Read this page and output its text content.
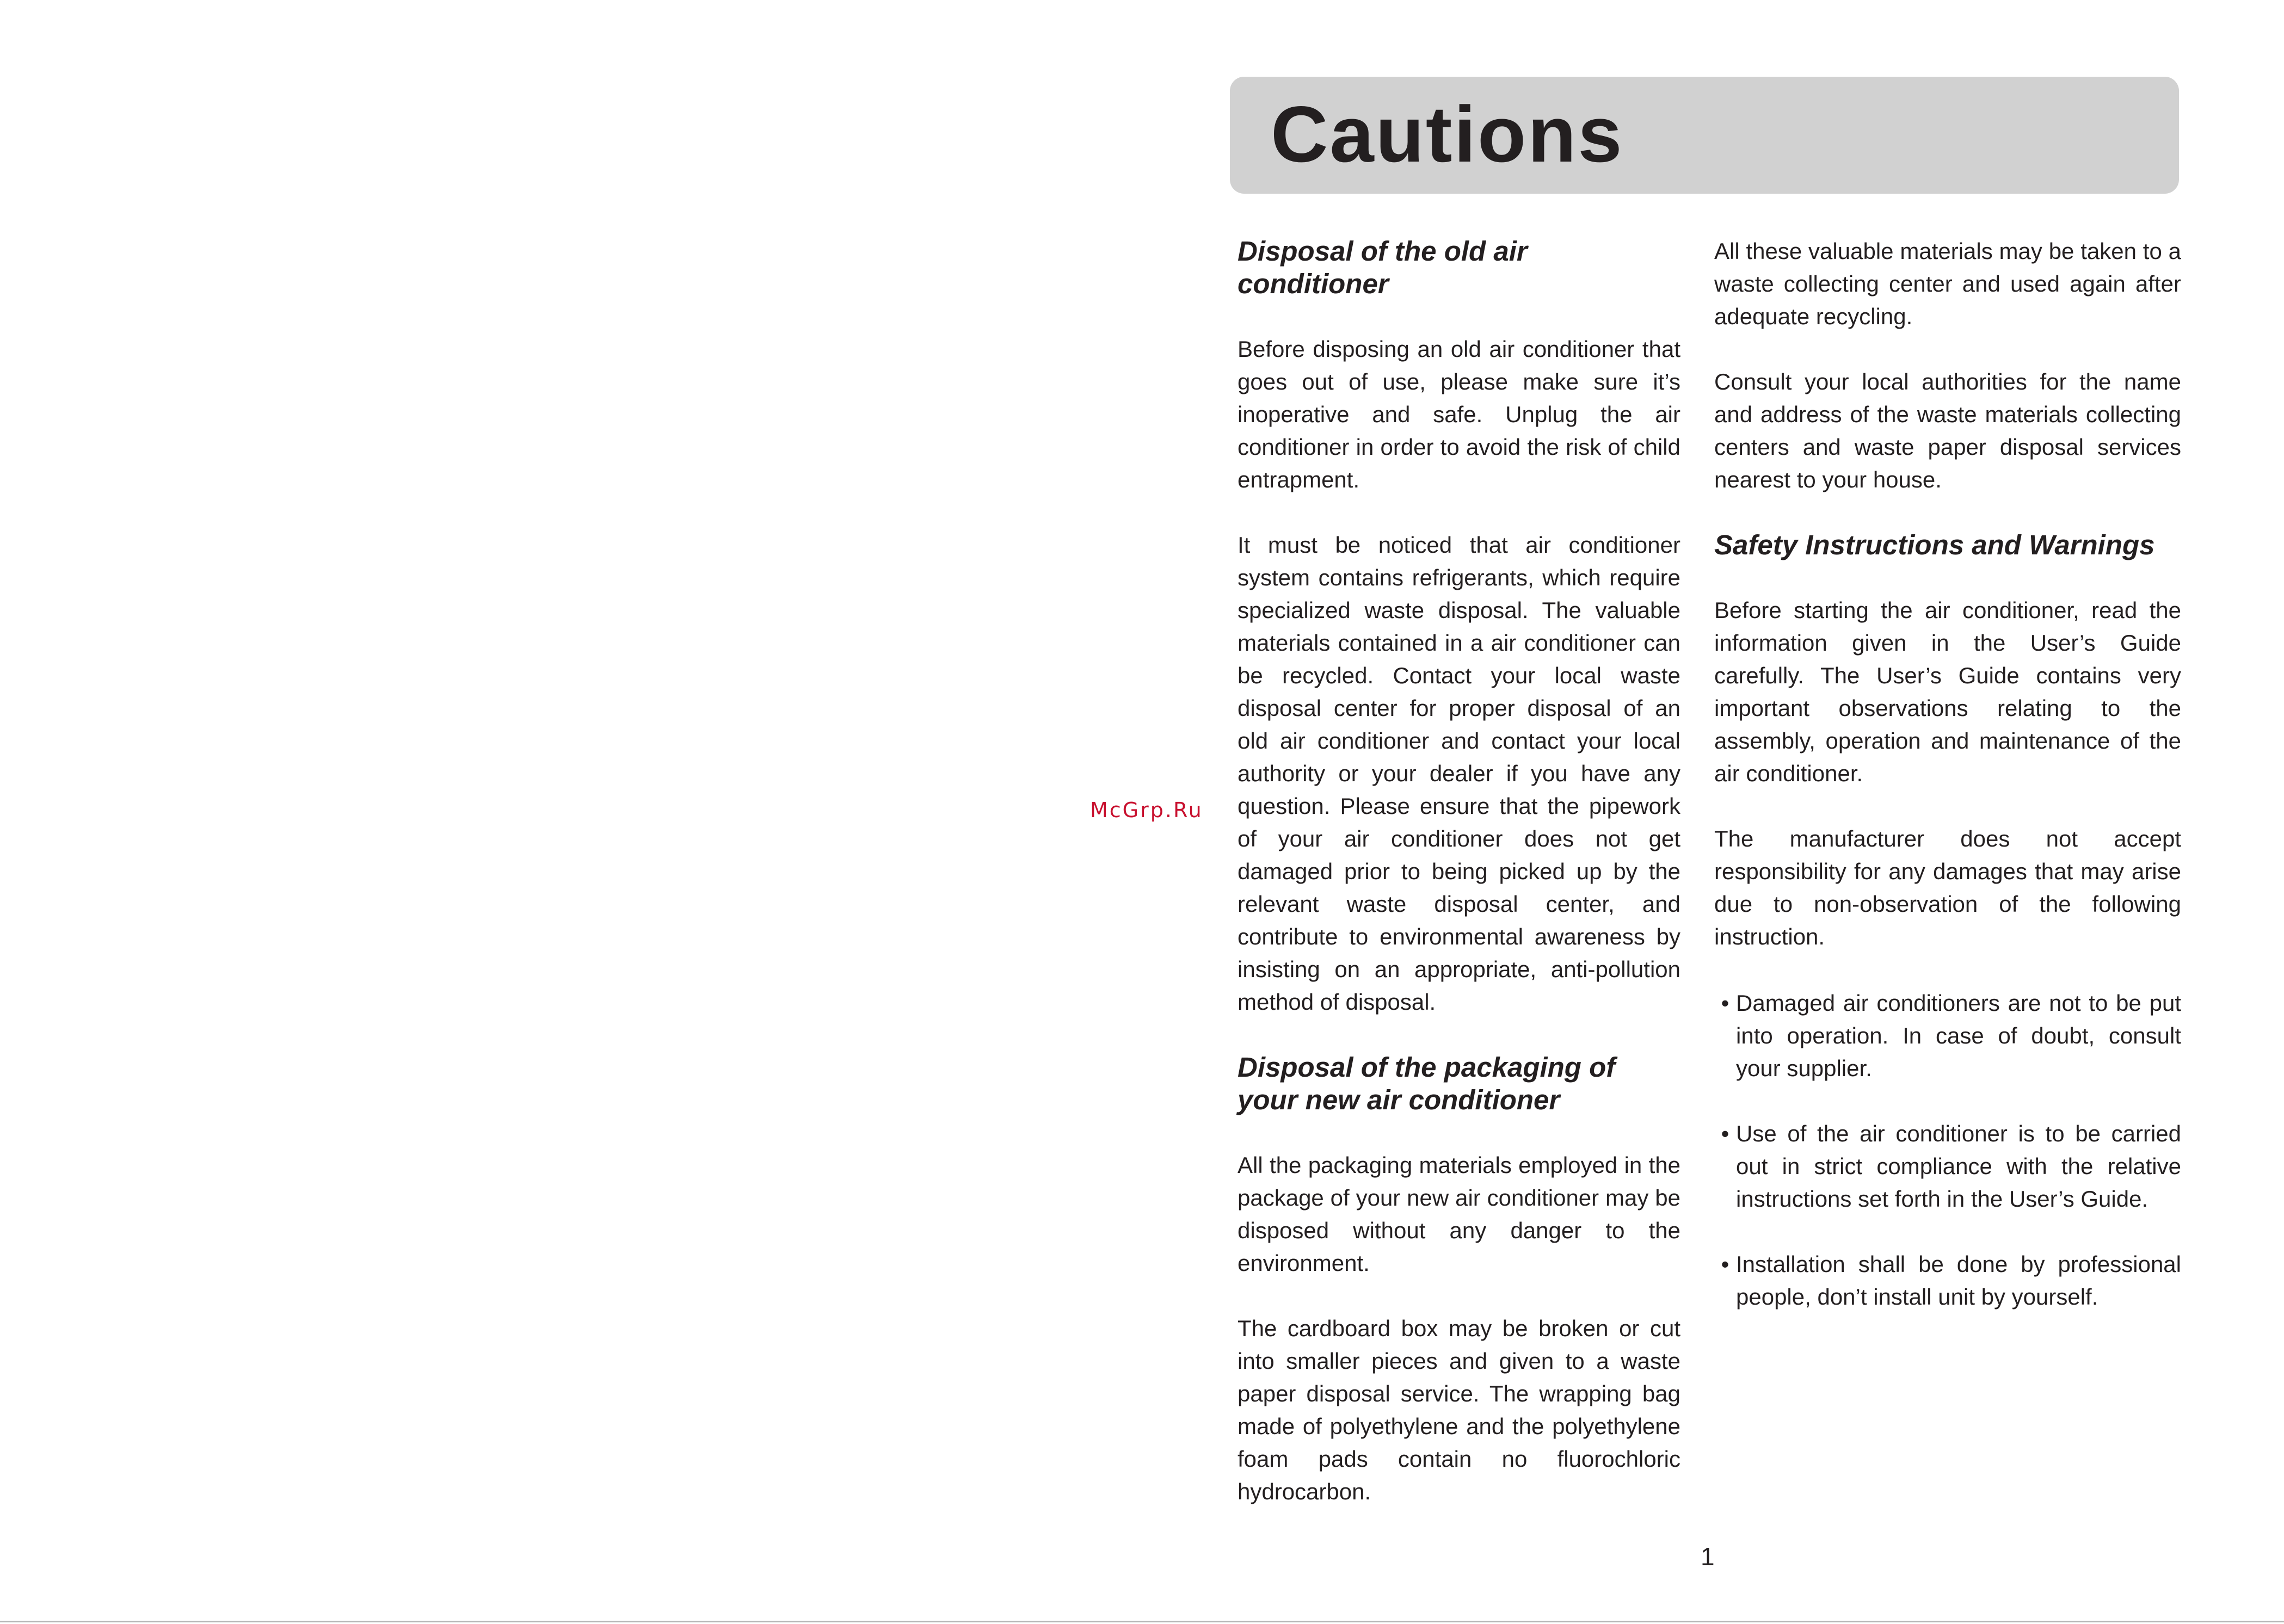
McGrp.Ru
Cautions
Disposal of the old air conditioner

Before disposing an old air conditioner that goes out of use, please make sure it’s inoperative and safe. Unplug the air conditioner in order to avoid the risk of child entrapment.

It must be noticed that air conditioner system contains refrigerants, which require specialized waste disposal. The valuable materials contained in a air conditioner can be recycled. Contact your local waste disposal center for proper disposal of an old air conditioner and contact your local authority or your dealer if you have any question. Please ensure that the pipework of your air conditioner does not get damaged prior to being picked up by the relevant waste disposal center, and contribute to environmental awareness by insisting on an appropriate, anti-pollution method of disposal.

Disposal of the packaging of your new air conditioner

All the packaging materials employed in the package of your new air conditioner may be disposed without any danger to the environment.

The cardboard box may be broken or cut into smaller pieces and given to a waste paper disposal service. The wrapping bag made of polyethylene and the polyethylene foam pads contain no fluorochloric hydrocarbon.

All these valuable materials may be taken to a waste collecting center and used again after adequate recycling.

Consult your local authorities for the name and address of the waste materials collecting centers and waste paper disposal services nearest to your house.

Safety Instructions and Warnings

Before starting the air conditioner, read the information given in the User’s Guide carefully. The User’s Guide contains very important observations relating to the assembly, operation and maintenance of the air conditioner.

The manufacturer does not accept responsibility for any damages that may arise due to non-observation of the following instruction.

• Damaged air conditioners are not to be put into operation. In case of doubt, consult your supplier.

• Use of the air conditioner is to be carried out in strict compliance with the relative instructions set forth in the User’s Guide.

• Installation shall be done by professional people, don’t install unit by yourself.

1
